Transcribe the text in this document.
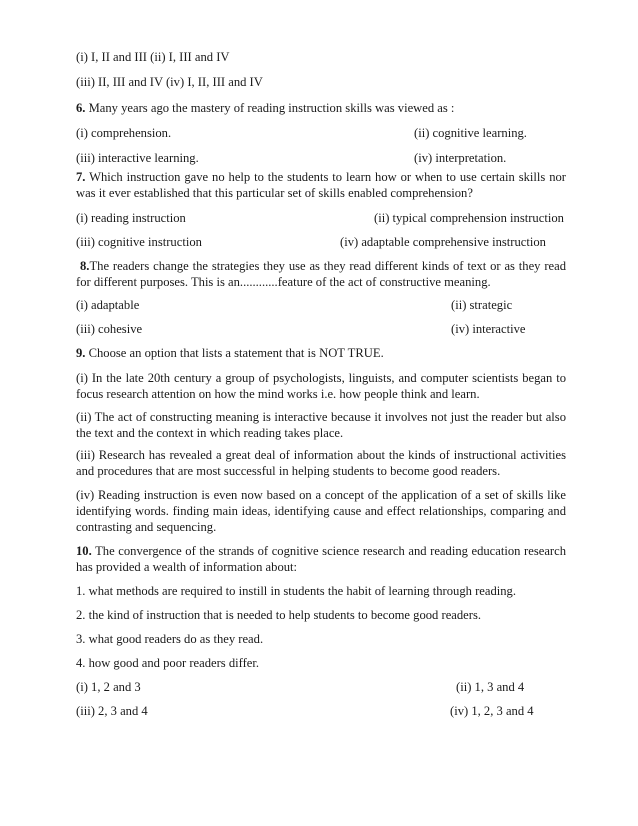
(i) I, II and III (ii) I, III and IV
(iii) II, III and IV (iv) I, II, III and IV
6. Many years ago the mastery of reading instruction skills was viewed as :
(i) comprehension.	(ii) cognitive learning.
(iii) interactive learning.	(iv) interpretation.
7. Which instruction gave no help to the students to learn how or when to use certain skills nor was it ever established that this particular set of skills enabled comprehension?
(i) reading instruction	(ii) typical comprehension instruction
(iii) cognitive instruction	(iv) adaptable comprehensive instruction
8.The readers change the strategies they use as they read different kinds of text or as they read for different purposes. This is an............feature of the act of constructive meaning.
(i) adaptable	(ii) strategic
(iii) cohesive	(iv) interactive
9. Choose an option that lists a statement that is NOT TRUE.
(i) In the late 20th century a group of psychologists, linguists, and computer scientists began to focus research attention on how the mind works i.e. how people think and learn.
(ii) The act of constructing meaning is interactive because it involves not just the reader but also the text and the context in which reading takes place.
(iii) Research has revealed a great deal of information about the kinds of instructional activities and procedures that are most successful in helping students to become good readers.
(iv) Reading instruction is even now based on a concept of the application of a set of skills like identifying words. finding main ideas, identifying cause and effect relationships, comparing and contrasting and sequencing.
10. The convergence of the strands of cognitive science research and reading education research has provided a wealth of information about:
1. what methods are required to instill in students the habit of learning through reading.
2. the kind of instruction that is needed to help students to become good readers.
3. what good readers do as they read.
4. how good and poor readers differ.
(i) 1, 2 and 3	(ii) 1, 3 and 4
(iii) 2, 3 and 4	(iv) 1, 2, 3 and 4
